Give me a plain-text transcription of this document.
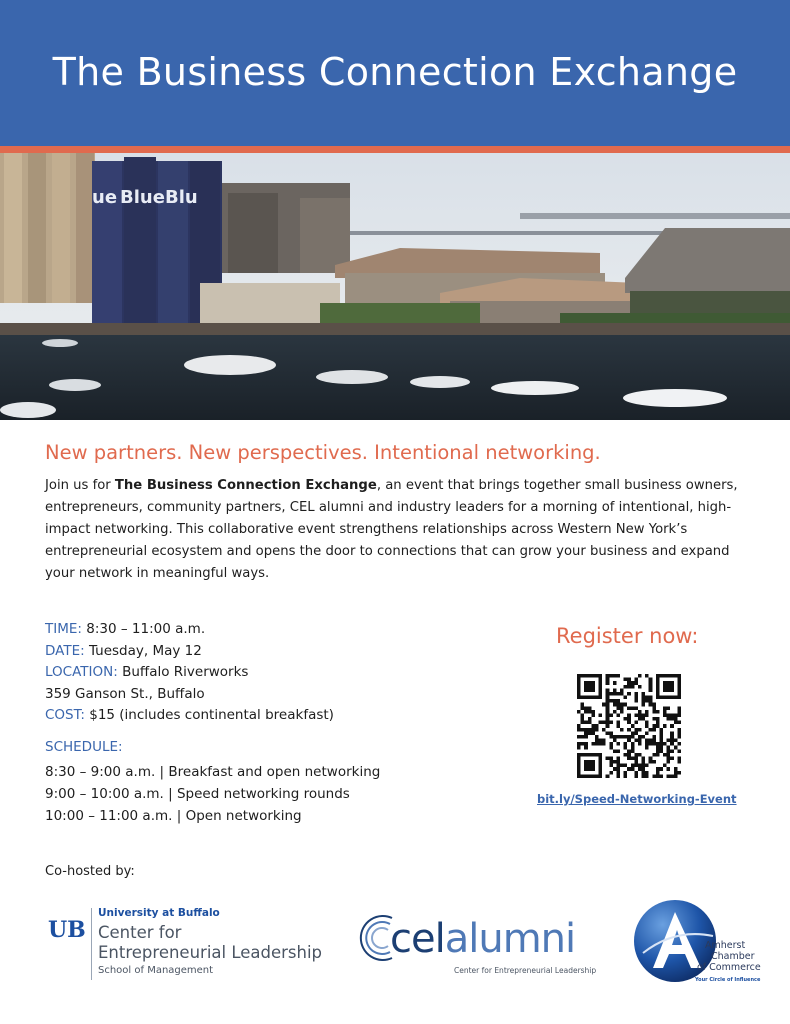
The Business Connection Exchange
Blue Blu
ue
New partners. New perspectives. Intentional networking.

Join us for The Business Connection Exchange, an event that brings together small business owners, entrepreneurs, community partners, CEL alumni and industry leaders for a morning of intentional, high-impact networking. This collaborative event strengthens relationships across Western New York’s entrepreneurial ecosystem and opens the door to connections that can grow your business and expand your network in meaningful ways.

TIME: 8:30 – 11:00 a.m.
DATE: Tuesday, May 12
LOCATION: Buffalo Riverworks
359 Ganson St., Buffalo
COST: $15 (includes continental breakfast)
SCHEDULE:
8:30 – 9:00 a.m. | Breakfast and open networking
9:00 – 10:00 a.m. | Speed networking rounds
10:00 – 11:00 a.m. | Open networking
Register now:
bit.ly/Speed-Networking-Event
Co-hosted by:
UB
University at Buffalo
Center for
Entrepreneurial Leadership
School of Management
celalumni
Center for Entrepreneurial Leadership
Amherst
Chamber
of Commerce
Your Circle of Influence
